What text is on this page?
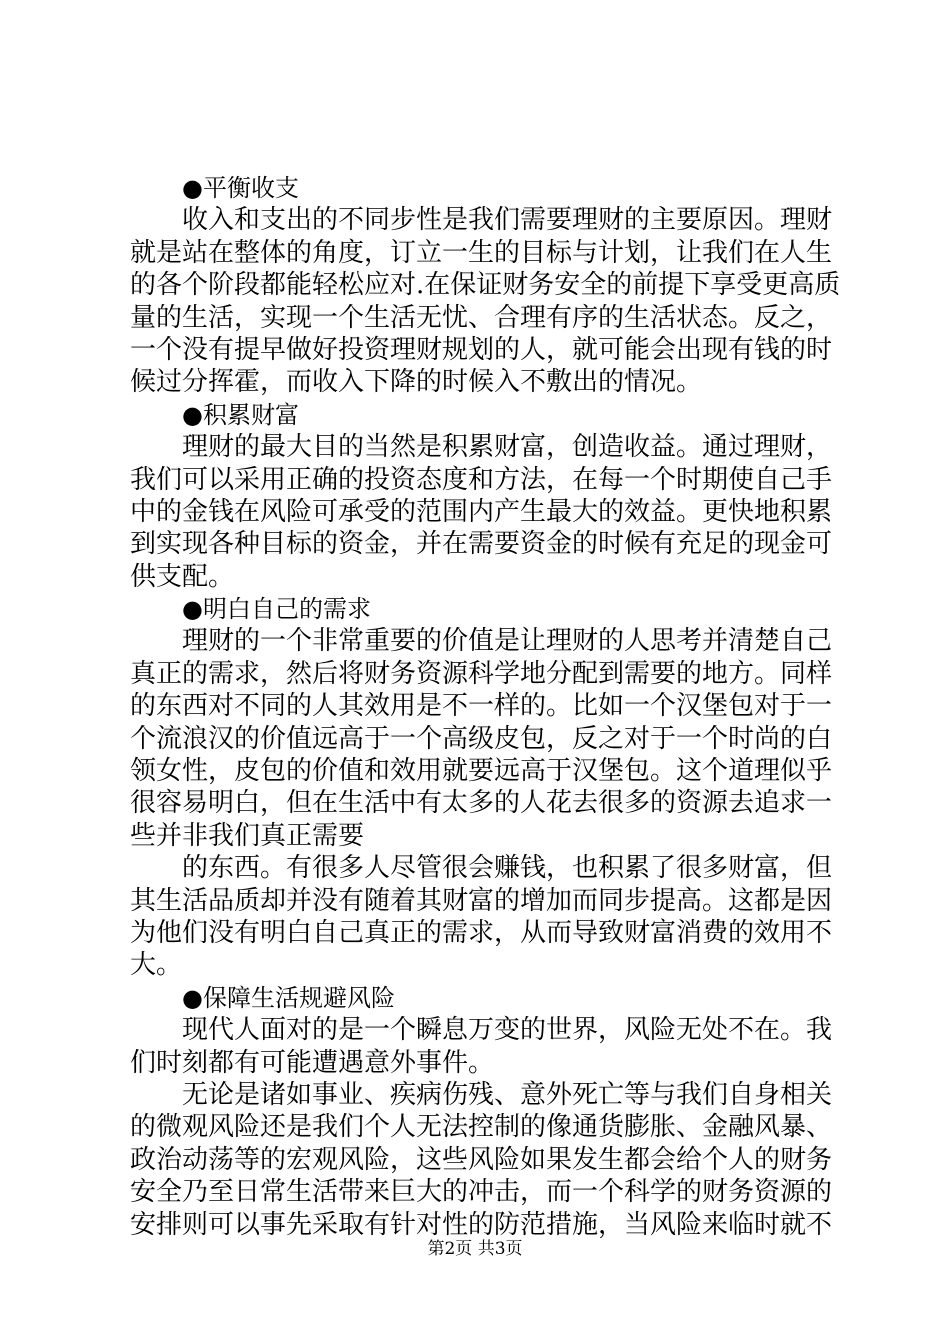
●平衡收支
收入和支出的不同步性是我们需要理财的主要原因。理财
就是站在整体的角度，订立一生的目标与计划，让我们在人生
的各个阶段都能轻松应对.在保证财务安全的前提下享受更高质
量的生活，实现一个生活无忧、合理有序的生活状态。反之，
一个没有提早做好投资理财规划的人，就可能会出现有钱的时
候过分挥霍，而收入下降的时候入不敷出的情况。
●积累财富
理财的最大目的当然是积累财富，创造收益。通过理财，
我们可以采用正确的投资态度和方法，在每一个时期使自己手
中的金钱在风险可承受的范围内产生最大的效益。更快地积累
到实现各种目标的资金，并在需要资金的时候有充足的现金可
供支配。
●明白自己的需求
理财的一个非常重要的价值是让理财的人思考并清楚自己
真正的需求，然后将财务资源科学地分配到需要的地方。同样
的东西对不同的人其效用是不一样的。比如一个汉堡包对于一
个流浪汉的价值远高于一个高级皮包，反之对于一个时尚的白
领女性，皮包的价值和效用就要远高于汉堡包。这个道理似乎
很容易明白，但在生活中有太多的人花去很多的资源去追求一
些并非我们真正需要
的东西。有很多人尽管很会赚钱，也积累了很多财富，但
其生活品质却并没有随着其财富的增加而同步提高。这都是因
为他们没有明白自己真正的需求，从而导致财富消费的效用不
大。
●保障生活规避风险
现代人面对的是一个瞬息万变的世界，风险无处不在。我
们时刻都有可能遭遇意外事件。
无论是诸如事业、疾病伤残、意外死亡等与我们自身相关
的微观风险还是我们个人无法控制的像通货膨胀、金融风暴、
政治动荡等的宏观风险，这些风险如果发生都会给个人的财务
安全乃至日常生活带来巨大的冲击，而一个科学的财务资源的
安排则可以事先采取有针对性的防范措施，当风险来临时就不
第2页 共3页
